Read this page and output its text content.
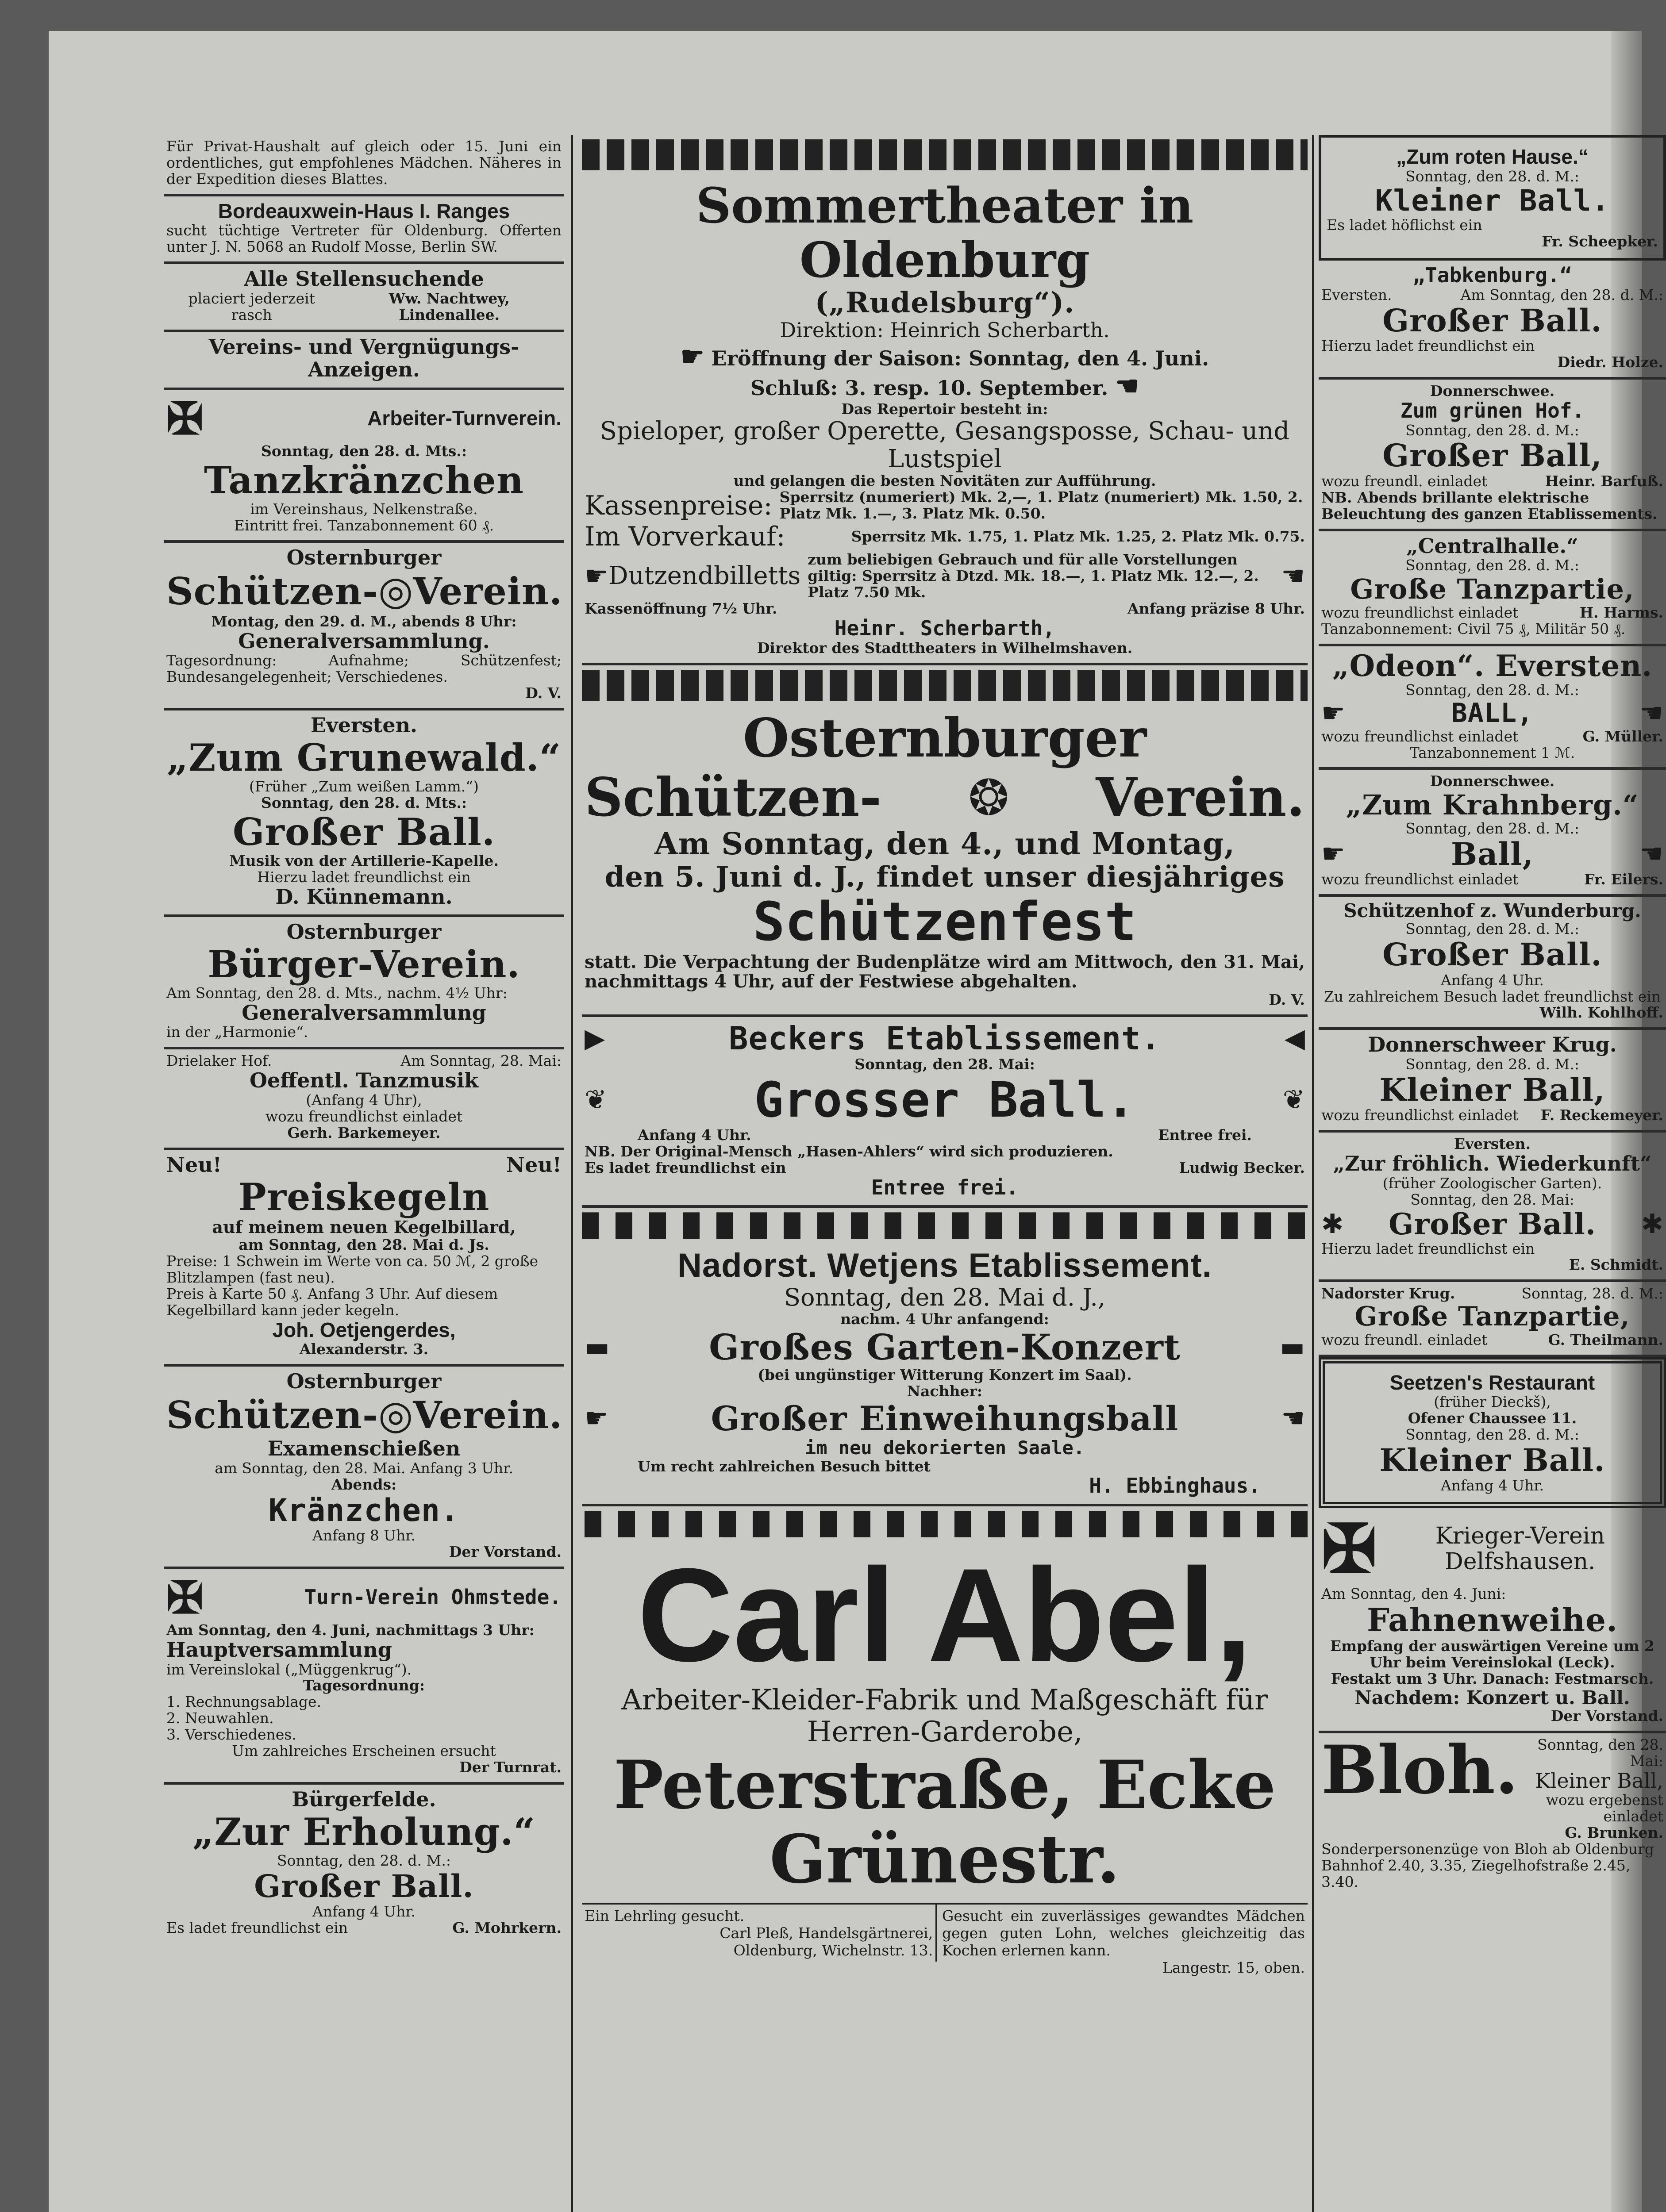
Für Privat-Haushalt auf gleich oder 15. Juni ein ordentliches, gut empfohlenes Mädchen. Näheres in der Expedition dieses Blattes.
Bordeauxwein-Haus I. Ranges
sucht tüchtige Vertreter für Oldenburg. Offerten unter J. N. 5068 an Rudolf Mosse, Berlin SW.
Alle Stellensuchende
placiert jederzeit rasch
Ww. Nachtwey, Lindenallee.
Vereins- und Vergnügungs-Anzeigen.
✠	Arbeiter-Turnverein.
Sonntag, den 28. d. Mts.:
Tanzkränzchen
im Vereinshaus, Nelkenstraße.
Eintritt frei. Tanzabonnement 60 ₰.
Osternburger
Schützen- ◎ Verein.
Montag, den 29. d. M., abends 8 Uhr:
Generalversammlung.
Tagesordnung: Aufnahme; Schützenfest; Bundesangelegenheit; Verschiedenes.
D. V.
Eversten.
„Zum Grunewald.“
(Früher „Zum weißen Lamm.“)
Sonntag, den 28. d. Mts.:
Großer Ball.
Musik von der Artillerie-Kapelle.
Hierzu ladet freundlichst ein
D. Künnemann.
Osternburger
Bürger-Verein.
Am Sonntag, den 28. d. Mts., nachm. 4½ Uhr:
Generalversammlung
in der „Harmonie“.
Drielaker Hof.	Am Sonntag, 28. Mai:
Oeffentl. Tanzmusik
(Anfang 4 Uhr),
wozu freundlichst einladet
Gerh. Barkemeyer.
Neu!	Neu!
Preiskegeln
auf meinem neuen Kegelbillard,
am Sonntag, den 28. Mai d. Js.
Preise: 1 Schwein im Werte von ca. 50 ℳ, 2 große Blitzlampen (fast neu).
Preis à Karte 50 ₰. Anfang 3 Uhr. Auf diesem Kegelbillard kann jeder kegeln.
Joh. Oetjengerdes,
Alexanderstr. 3.
Osternburger
Schützen- ◎ Verein.
Examenschießen
am Sonntag, den 28. Mai. Anfang 3 Uhr.
Abends:
Kränzchen.
Anfang 8 Uhr.
Der Vorstand.
✠	Turn-Verein Ohmstede.
Am Sonntag, den 4. Juni, nachmittags 3 Uhr:
Hauptversammlung
im Vereinslokal („Müggenkrug“).
Tagesordnung:
1. Rechnungsablage.
2. Neuwahlen.
3. Verschiedenes.
Um zahlreiches Erscheinen ersucht
Der Turnrat.
Bürgerfelde.
„Zur Erholung.“
Sonntag, den 28. d. M.:
Großer Ball.
Anfang 4 Uhr.
Es ladet freundlichst ein	G. Mohrkern.
Sommertheater in Oldenburg
(„Rudelsburg“).
Direktion: Heinrich Scherbarth.
☛ Eröffnung der Saison: Sonntag, den 4. Juni.
Schluß: 3. resp. 10. September. ☚
Das Repertoir besteht in:
Spieloper, großer Operette, Gesangsposse, Schau- und Lustspiel
und gelangen die besten Novitäten zur Aufführung.
Kassenpreise: Sperrsitz (numeriert) Mk. 2,—, 1. Platz (numeriert) Mk. 1.50, 2. Platz Mk. 1.—, 3. Platz Mk. 0.50.
Im Vorverkauf:	Sperrsitz Mk. 1.75, 1. Platz Mk. 1.25, 2. Platz Mk. 0.75.
☛ Dutzendbilletts
zum beliebigen Gebrauch und für alle Vorstellungen giltig: Sperrsitz à Dtzd. Mk. 18.—, 1. Platz Mk. 12.—, 2. Platz 7.50 Mk.
☚
Kassenöffnung 7½ Uhr.	Anfang präzise 8 Uhr.
Heinr. Scherbarth,
Direktor des Stadttheaters in Wilhelmshaven.
Osternburger
Schützen- ❂ Verein.
Am Sonntag, den 4., und Montag,
den 5. Juni d. J., findet unser diesjähriges
Schützenfest
statt. Die Verpachtung der Budenplätze wird am Mittwoch, den 31. Mai, nachmittags 4 Uhr, auf der Festwiese abgehalten.
D. V.
▶	Beckers Etablissement.	◀
Sonntag, den 28. Mai:
❦	Grosser Ball.	❦
Anfang 4 Uhr.	Entree frei.
NB. Der Original-Mensch „Hasen-Ahlers“ wird sich produzieren.
Es ladet freundlichst ein	Ludwig Becker.
Entree frei.
Nadorst. Wetjens Etablissement.
Sonntag, den 28. Mai d. J.,
nachm. 4 Uhr anfangend:
▬	Großes Garten-Konzert	▬
(bei ungünstiger Witterung Konzert im Saal).
Nachher:
☛	Großer Einweihungsball	☚
im neu dekorierten Saale.
Um recht zahlreichen Besuch bittet
H. Ebbinghaus.
Carl Abel,
Arbeiter-Kleider-Fabrik und Maßgeschäft für Herren-Garderobe,
Peterstraße, Ecke Grünestr.
Ein Lehrling gesucht.
Carl Pleß, Handelsgärtnerei,
Oldenburg, Wichelnstr. 13.
Gesucht ein zuverlässiges gewandtes Mädchen gegen guten Lohn, welches gleichzeitig das Kochen erlernen kann.
Langestr. 15, oben.
„Zum roten Hause.“
Sonntag, den 28. d. M.:
Kleiner Ball.
Es ladet höflichst ein
Fr. Scheepker.
„Tabkenburg.“
Eversten.	Am Sonntag, den 28. d. M.:
Großer Ball.
Hierzu ladet freundlichst ein
Diedr. Holze.
Donnerschwee.
Zum grünen Hof.
Sonntag, den 28. d. M.:
Großer Ball,
wozu freundl. einladet	Heinr. Barfuß.
NB. Abends brillante elektrische Beleuchtung des ganzen Etablissements.
„Centralhalle.“
Sonntag, den 28. d. M.:
Große Tanzpartie,
wozu freundlichst einladet	H. Harms.
Tanzabonnement: Civil 75 ₰, Militär 50 ₰.
„Odeon“. Eversten.
Sonntag, den 28. d. M.:
☛	BALL,	☚
wozu freundlichst einladet	G. Müller.
Tanzabonnement 1 ℳ.
Donnerschwee.
„Zum Krahnberg.“
Sonntag, den 28. d. M.:
☛	Ball,	☚
wozu freundlichst einladet	Fr. Eilers.
Schützenhof z. Wunderburg.
Sonntag, den 28. d. M.:
Großer Ball.
Anfang 4 Uhr.
Zu zahlreichem Besuch ladet freundlichst ein
Wilh. Kohlhoff.
Donnerschweer Krug.
Sonntag, den 28. d. M.:
Kleiner Ball,
wozu freundlichst einladet F. Reckemeyer.
Eversten.
„Zur fröhlich. Wiederkunft“
(früher Zoologischer Garten).
Sonntag, den 28. Mai:
✱ Großer Ball. ✱
Hierzu ladet freundlichst ein
E. Schmidt.
Nadorster Krug.	Sonntag, 28. d. M.:
Große Tanzpartie,
wozu freundl. einladet	G. Theilmann.
Seetzen's Restaurant
(früher Dieckš),
Ofener Chaussee 11.
Sonntag, den 28. d. M.:
Kleiner Ball.
Anfang 4 Uhr.
✠	Krieger-Verein Delfshausen.
Am Sonntag, den 4. Juni:
Fahnenweihe.
Empfang der auswärtigen Vereine um 2 Uhr beim Vereinslokal (Leck).
Festakt um 3 Uhr. Danach: Festmarsch.
Nachdem: Konzert u. Ball.
Der Vorstand.
Bloh.	Sonntag, den 28. Mai:
Kleiner Ball,
wozu ergebenst einladet
G. Brunken.
Sonderpersonenzüge von Bloh ab Oldenburg Bahnhof 2.40, 3.35, Ziegelhofstraße 2.45, 3.40.
